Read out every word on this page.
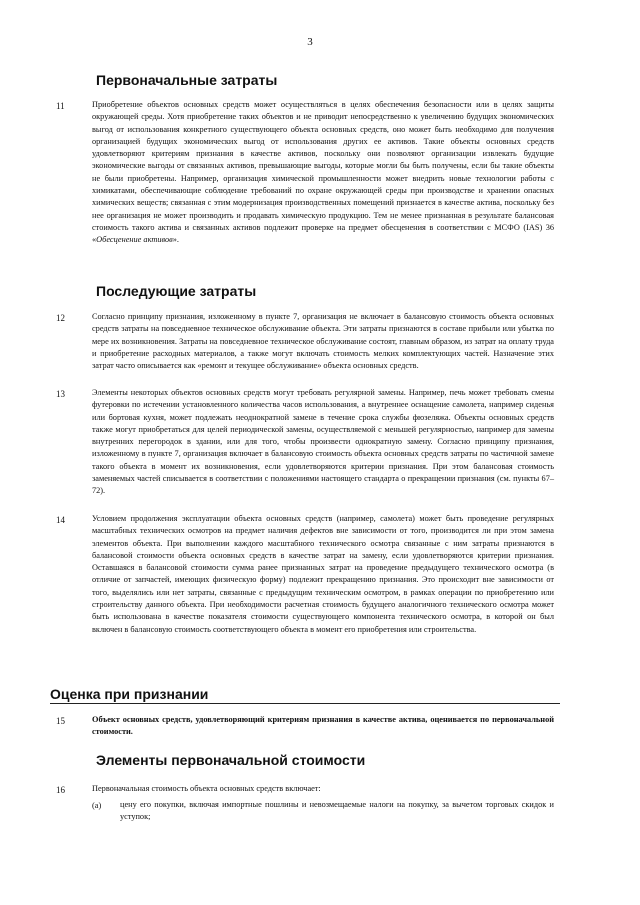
3
Первоначальные затраты
11	Приобретение объектов основных средств может осуществляться в целях обеспечения безопасности или в целях защиты окружающей среды. Хотя приобретение таких объектов и не приводит непосредственно к увеличению будущих экономических выгод от использования конкретного существующего объекта основных средств, оно может быть необходимо для получения организацией будущих экономических выгод от использования других ее активов. Такие объекты основных средств удовлетворяют критериям признания в качестве активов, поскольку они позволяют организации извлекать будущие экономические выгоды от связанных активов, превышающие выгоды, которые могли бы быть получены, если бы такие объекты не были приобретены. Например, организация химической промышленности может внедрить новые технологии работы с химикатами, обеспечивающие соблюдение требований по охране окружающей среды при производстве и хранении опасных химических веществ; связанная с этим модернизация производственных помещений признается в качестве актива, поскольку без нее организация не может производить и продавать химическую продукцию. Тем не менее признанная в результате балансовая стоимость такого актива и связанных активов подлежит проверке на предмет обесценения в соответствии с МСФО (IAS) 36 «Обесценение активов».

Последующие затраты
12	Согласно принципу признания, изложенному в пункте 7, организация не включает в балансовую стоимость объекта основных средств затраты на повседневное техническое обслуживание объекта. Эти затраты признаются в составе прибыли или убытка по мере их возникновения. Затраты на повседневное техническое обслуживание состоят, главным образом, из затрат на оплату труда и приобретение расходных материалов, а также могут включать стоимость мелких комплектующих частей. Назначение этих затрат часто описывается как «ремонт и текущее обслуживание» объекта основных средств.

13	Элементы некоторых объектов основных средств могут требовать регулярной замены. Например, печь может требовать смены футеровки по истечении установленного количества часов использования, а внутреннее оснащение самолета, например сиденья или бортовая кухня, может подлежать неоднократной замене в течение срока службы фюзеляжа. Объекты основных средств также могут приобретаться для целей периодической замены, осуществляемой с меньшей регулярностью, например для замены внутренних перегородок в здании, или для того, чтобы произвести однократную замену. Согласно принципу признания, изложенному в пункте 7, организация включает в балансовую стоимость объекта основных средств затраты по частичной замене такого объекта в момент их возникновения, если удовлетворяются критерии признания. При этом балансовая стоимость заменяемых частей списывается в соответствии с положениями настоящего стандарта о прекращении признания (см. пункты 67–72).

14	Условием продолжения эксплуатации объекта основных средств (например, самолета) может быть проведение регулярных масштабных технических осмотров на предмет наличия дефектов вне зависимости от того, производится ли при этом замена элементов объекта. При выполнении каждого масштабного технического осмотра связанные с ним затраты признаются в балансовой стоимости объекта основных средств в качестве затрат на замену, если удовлетворяются критерии признания. Оставшаяся в балансовой стоимости сумма ранее признанных затрат на проведение предыдущего технического осмотра (в отличие от запчастей, имеющих физическую форму) подлежит прекращению признания. Это происходит вне зависимости от того, выделялись или нет затраты, связанные с предыдущим техническим осмотром, в рамках операции по приобретению или строительству данного объекта. При необходимости расчетная стоимость будущего аналогичного технического осмотра может быть использована в качестве показателя стоимости существующего компонента технического осмотра, в которой он был включен в балансовую стоимость соответствующего объекта в момент его приобретения или строительства.

Оценка при признании
15	Объект основных средств, удовлетворяющий критериям признания в качестве актива, оценивается по первоначальной стоимости.

Элементы первоначальной стоимости
16	Первоначальная стоимость объекта основных средств включает:

(a) цену его покупки, включая импортные пошлины и невозмещаемые налоги на покупку, за вычетом торговых скидок и уступок;
